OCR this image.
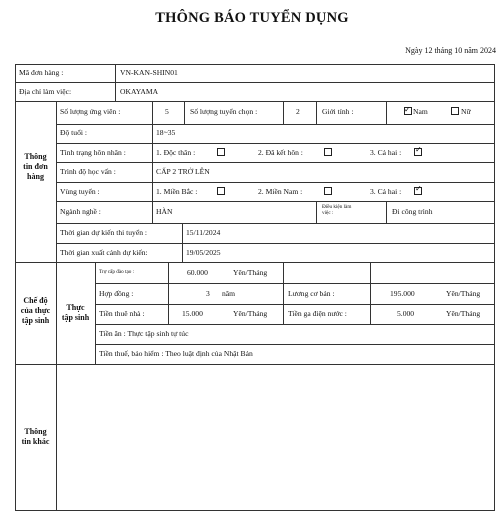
THÔNG BÁO TUYỂN DỤNG
Ngày 12 tháng 10 năm 2024
Mã đơn hàng :	VN-KAN-SHIN01
Địa chỉ làm việc:	OKAYAMA
Thông
tin đơn
hàng
Số lượng ứng viên :	5	Số lượng tuyển chọn :	2	Giới tính :	✓ Nam	Nữ
Độ tuổi :	18~35
Tình trạng hôn nhân :	1. Độc thân :	2. Đã kết hôn :	3. Cả hai : ✓
Trình độ học vấn :	CẤP 2 TRỞ LÊN
Vùng tuyển :	1. Miền Bắc :	2. Miền Nam :	3. Cả hai : ✓
Ngành nghề :	HÀN	Điều kiện làm
việc :	Đi công trình
Thời gian dự kiến thi tuyển :	15/11/2024
Thời gian xuất cảnh dự kiến:	19/05/2025
Chế độ
của thực
tập sinh
Thực
tập sinh
Trợ cấp đào tạo :	60.000	Yên/Tháng
Hợp đồng :	3 năm	Lương cơ bản :	195.000	Yên/Tháng
Tiền thuê nhà :	15.000	Yên/Tháng	Tiền ga điện nước :	5.000	Yên/Tháng
Tiền ăn : Thực tập sinh tự túc
Tiền thuế, bảo hiểm : Theo luật định của Nhật Bản
Thông
tin khác
